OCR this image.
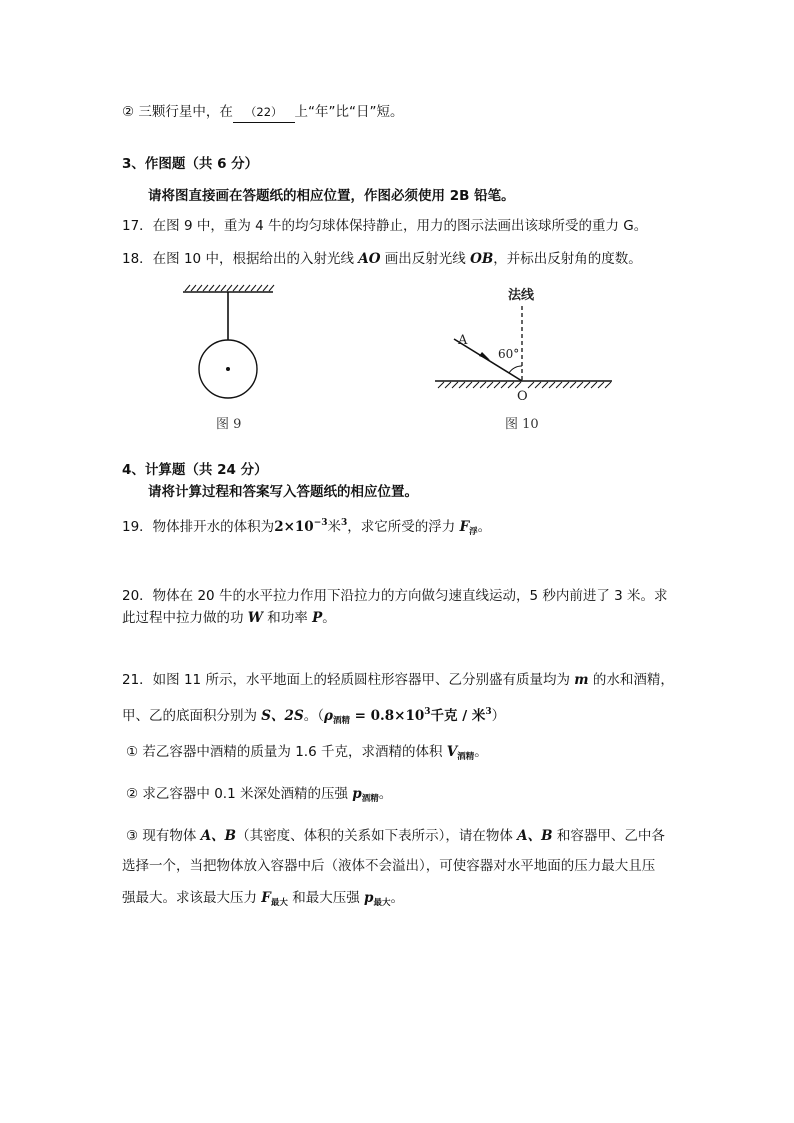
② 三颗行星中，在 （22） 上“年”比“日”短。
3、作图题（共 6 分）
请将图直接画在答题纸的相应位置，作图必须使用 2B 铅笔。
17．在图 9 中，重为 4 牛的均匀球体保持静止，用力的图示法画出该球所受的重力 G。
18．在图 10 中，根据给出的入射光线 AO 画出反射光线 OB，并标出反射角的度数。
图 9
法线
A
60°
O
图 10
4、计算题（共 24 分）
请将计算过程和答案写入答题纸的相应位置。
19．物体排开水的体积为$2\times 10^{-3}$米$^3$，求它所受的浮力 $F_浮$。
20．物体在 20 牛的水平拉力作用下沿拉力的方向做匀速直线运动，5 秒内前进了 3 米。求
此过程中拉力做的功 W 和功率 P。
21．如图 11 所示，水平地面上的轻质圆柱形容器甲、乙分别盛有质量均为 m 的水和酒精，
甲、乙的底面积分别为 S、2S。（$\rho_{酒精} = 0.8\times 10^3$千克 / 米$^3$）
① 若乙容器中酒精的质量为 1.6 千克，求酒精的体积 $V_{酒精}$。
② 求乙容器中 0.1 米深处酒精的压强 $p_{酒精}$。
③ 现有物体 A、B（其密度、体积的关系如下表所示），请在物体 A、B 和容器甲、乙中各
选择一个，当把物体放入容器中后（液体不会溢出），可使容器对水平地面的压力最大且压
强最大。求该最大压力 $F_{最大}$ 和最大压强 $p_{最大}$。
